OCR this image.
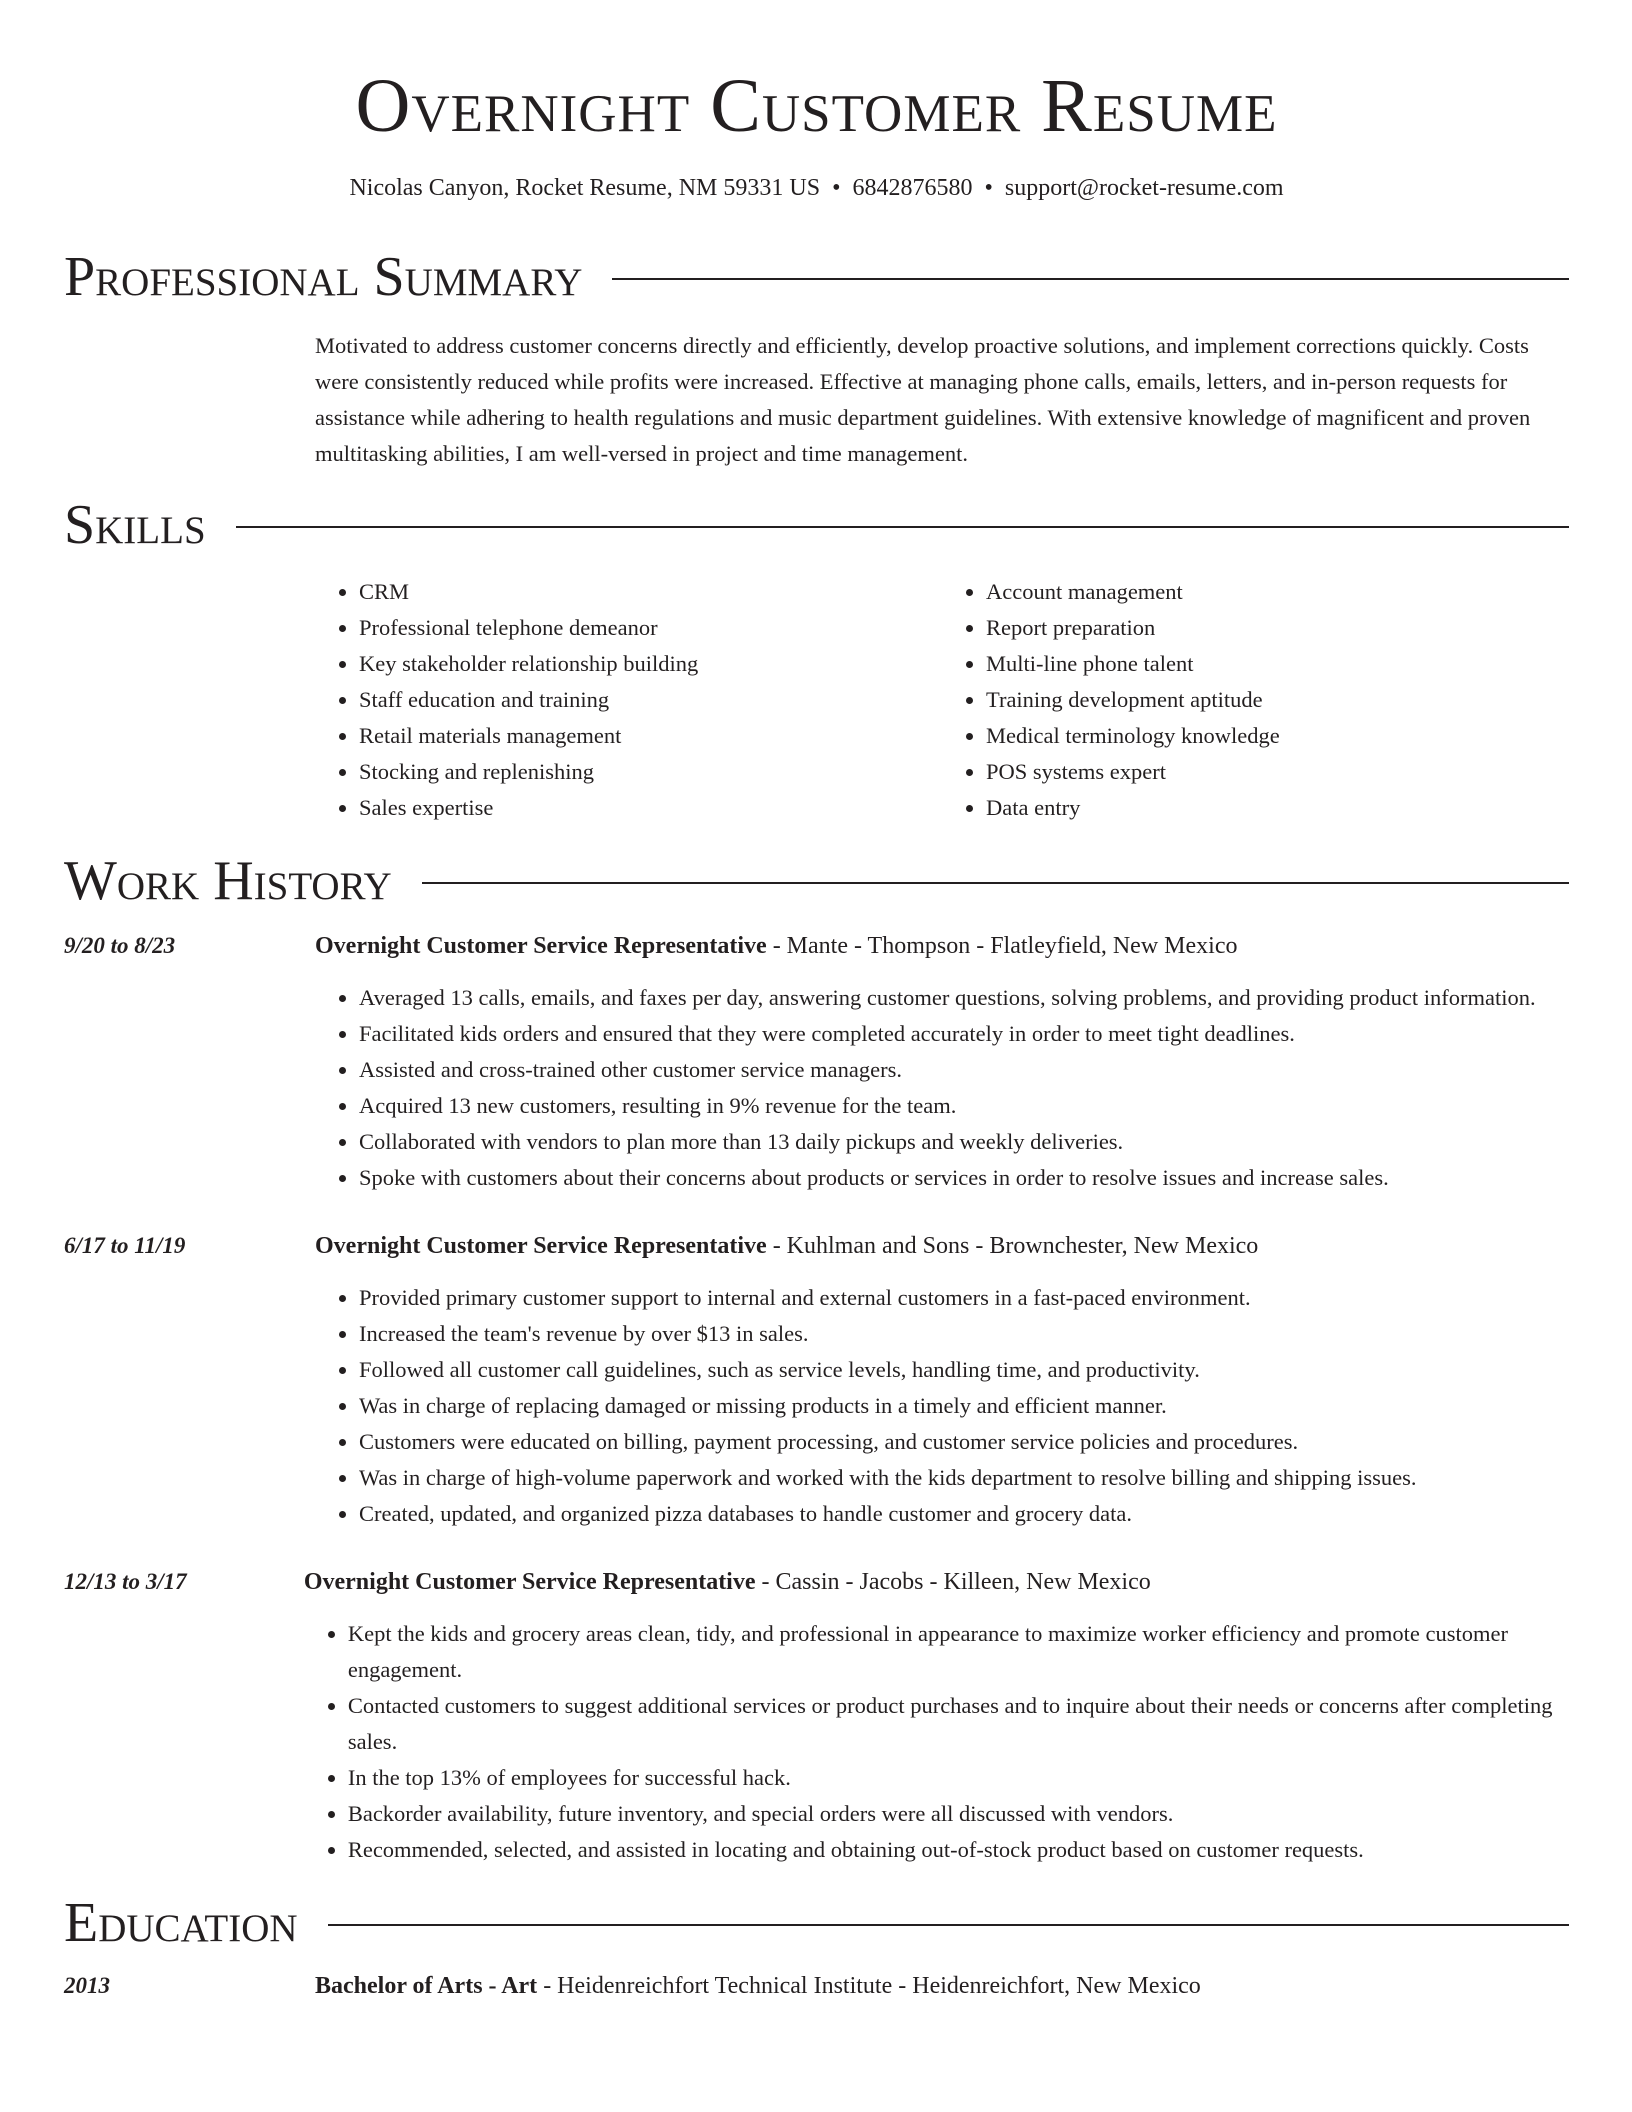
Overnight Customer Resume
Nicolas Canyon, Rocket Resume, NM 59331 US • 6842876580 • support@rocket-resume.com
Professional Summary
Motivated to address customer concerns directly and efficiently, develop proactive solutions, and implement corrections quickly. Costs were consistently reduced while profits were increased. Effective at managing phone calls, emails, letters, and in-person requests for assistance while adhering to health regulations and music department guidelines. With extensive knowledge of magnificent and proven multitasking abilities, I am well-versed in project and time management.
Skills
• CRM
• Professional telephone demeanor
• Key stakeholder relationship building
• Staff education and training
• Retail materials management
• Stocking and replenishing
• Sales expertise
• Account management
• Report preparation
• Multi-line phone talent
• Training development aptitude
• Medical terminology knowledge
• POS systems expert
• Data entry
Work History
9/20 to 8/23	Overnight Customer Service Representative - Mante - Thompson - Flatleyfield, New Mexico
• Averaged 13 calls, emails, and faxes per day, answering customer questions, solving problems, and providing product information.
• Facilitated kids orders and ensured that they were completed accurately in order to meet tight deadlines.
• Assisted and cross-trained other customer service managers.
• Acquired 13 new customers, resulting in 9% revenue for the team.
• Collaborated with vendors to plan more than 13 daily pickups and weekly deliveries.
• Spoke with customers about their concerns about products or services in order to resolve issues and increase sales.
6/17 to 11/19	Overnight Customer Service Representative - Kuhlman and Sons - Brownchester, New Mexico
• Provided primary customer support to internal and external customers in a fast-paced environment.
• Increased the team's revenue by over $13 in sales.
• Followed all customer call guidelines, such as service levels, handling time, and productivity.
• Was in charge of replacing damaged or missing products in a timely and efficient manner.
• Customers were educated on billing, payment processing, and customer service policies and procedures.
• Was in charge of high-volume paperwork and worked with the kids department to resolve billing and shipping issues.
• Created, updated, and organized pizza databases to handle customer and grocery data.
12/13 to 3/17	Overnight Customer Service Representative - Cassin - Jacobs - Killeen, New Mexico
• Kept the kids and grocery areas clean, tidy, and professional in appearance to maximize worker efficiency and promote customer engagement.
• Contacted customers to suggest additional services or product purchases and to inquire about their needs or concerns after completing sales.
• In the top 13% of employees for successful hack.
• Backorder availability, future inventory, and special orders were all discussed with vendors.
• Recommended, selected, and assisted in locating and obtaining out-of-stock product based on customer requests.
Education
2013	Bachelor of Arts - Art - Heidenreichfort Technical Institute - Heidenreichfort, New Mexico
